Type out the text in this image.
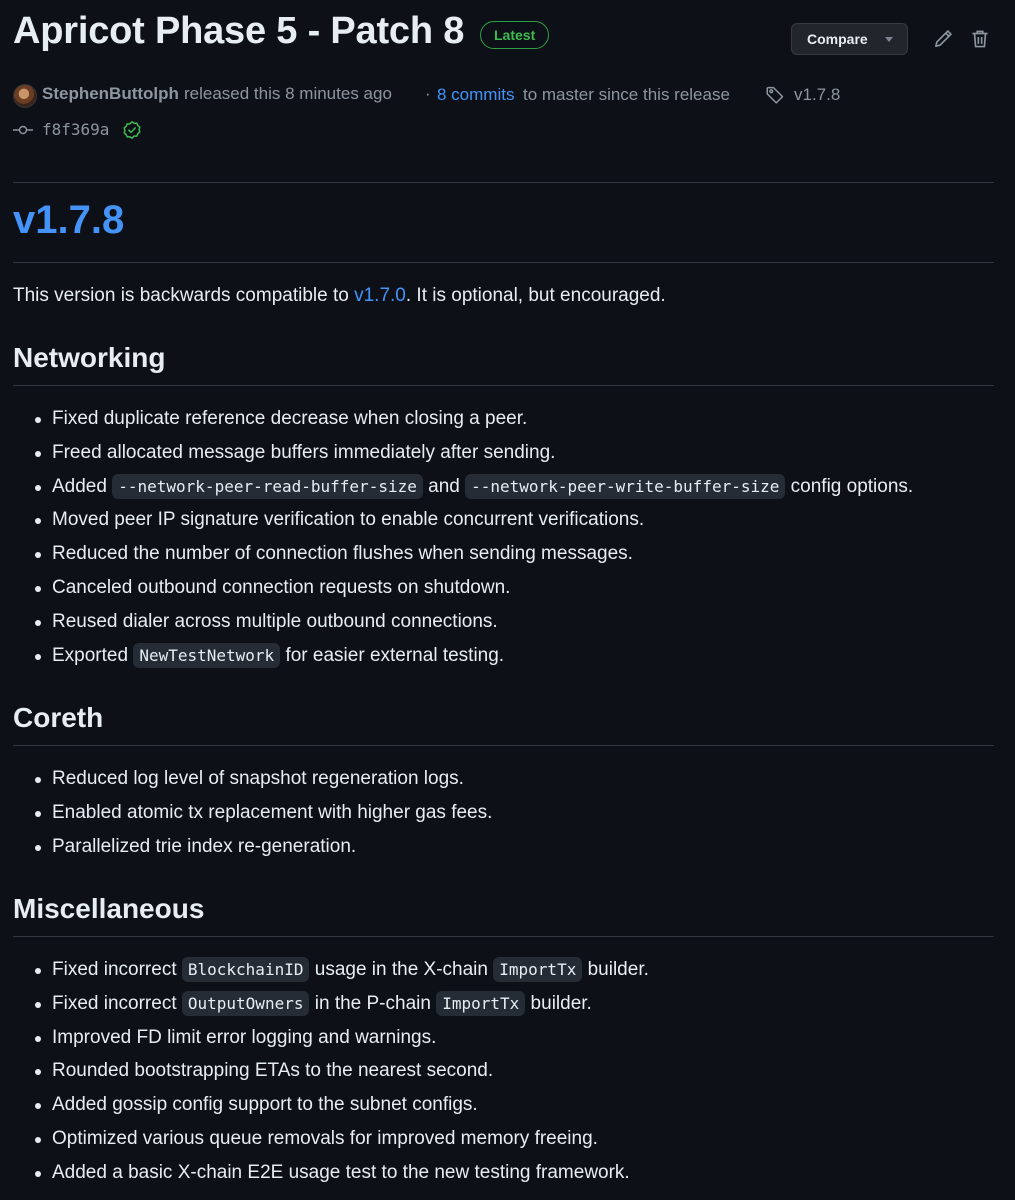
Apricot Phase 5 - Patch 8	Latest	Compare
StephenButtolph released this 8 minutes ago · 8 commits to master since this release	v1.7.8
f8f369a
v1.7.8
This version is backwards compatible to v1.7.0. It is optional, but encouraged.
Networking
Fixed duplicate reference decrease when closing a peer.
Freed allocated message buffers immediately after sending.
Added --network-peer-read-buffer-size and --network-peer-write-buffer-size config options.
Moved peer IP signature verification to enable concurrent verifications.
Reduced the number of connection flushes when sending messages.
Canceled outbound connection requests on shutdown.
Reused dialer across multiple outbound connections.
Exported NewTestNetwork for easier external testing.
Coreth
Reduced log level of snapshot regeneration logs.
Enabled atomic tx replacement with higher gas fees.
Parallelized trie index re-generation.
Miscellaneous
Fixed incorrect BlockchainID usage in the X-chain ImportTx builder.
Fixed incorrect OutputOwners in the P-chain ImportTx builder.
Improved FD limit error logging and warnings.
Rounded bootstrapping ETAs to the nearest second.
Added gossip config support to the subnet configs.
Optimized various queue removals for improved memory freeing.
Added a basic X-chain E2E usage test to the new testing framework.
